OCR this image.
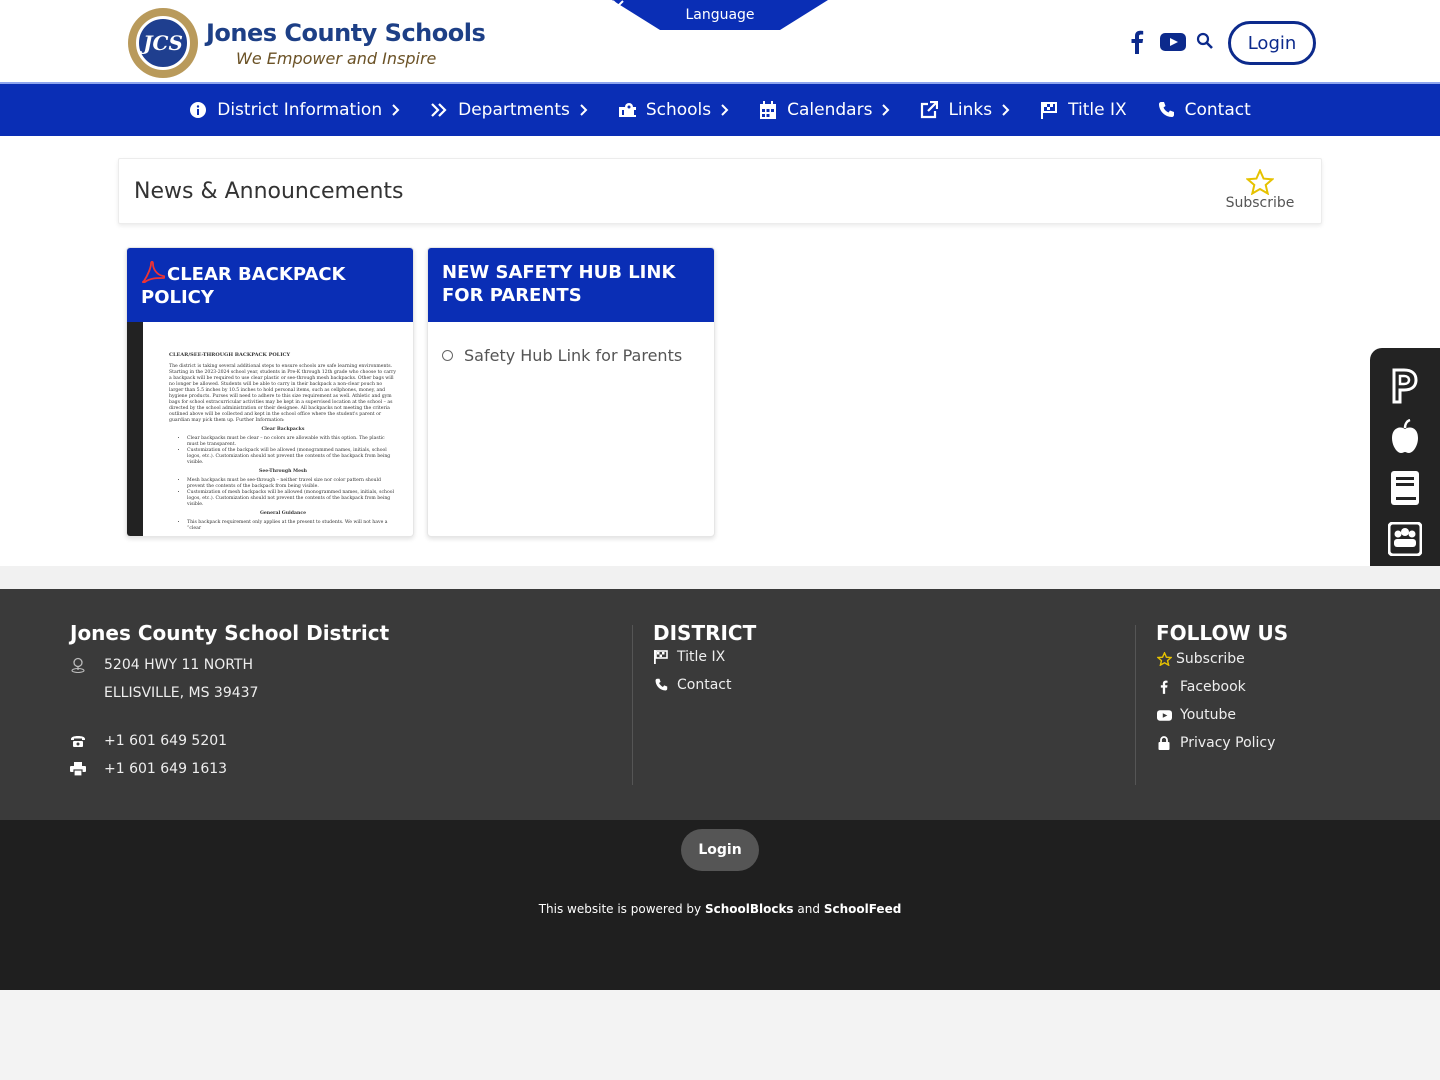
JCS Jones County Schools
We Empower and Inspire
Language
Login
District Information	Departments	Schools	Calendars	Links	Title IX	Contact
News & Announcements	Subscribe
CLEAR BACKPACK POLICY
CLEAR/SEE-THROUGH BACKPACK POLICY
The district is taking several additional steps to ensure schools are safe learning environments. Starting in the 2023-2024 school year, students in Pre-K through 12th grade who choose to carry a backpack will be required to use clear plastic or see-through mesh backpacks. Other bags will no longer be allowed. Students will be able to carry in their backpack a non-clear pouch no larger than 5.5 inches by 10.5 inches to hold personal items, such as cellphones, money, and hygiene products. Purses will need to adhere to this size requirement as well. Athletic and gym bags for school extracurricular activities may be kept in a supervised location at the school – as directed by the school administration or their designee. All backpacks not meeting the criteria outlined above will be collected and kept in the school office where the student's parent or guardian may pick them up. Further Information:
Clear Backpacks
• Clear backpacks must be clear – no colors are allowable with this option. The plastic must be transparent.
• Customization of the backpack will be allowed (monogrammed names, initials, school logos, etc.). Customization should not prevent the contents of the backpack from being visible.
See-Through Mesh
• Mesh backpacks must be see-through – neither travel size nor color pattern should prevent the contents of the backpack from being visible.
• Customization of mesh backpacks will be allowed (monogrammed names, initials, school logos, etc.). Customization should not prevent the contents of the backpack from being visible.
General Guidance
• This backpack requirement only applies at the present to students. We will not have a “clear
NEW SAFETY HUB LINK FOR PARENTS
Safety Hub Link for Parents
Jones County School District
5204 HWY 11 NORTH
ELLISVILLE, MS 39437
+1 601 649 5201
+1 601 649 1613
DISTRICT
Title IX
Contact
FOLLOW US
Subscribe
Facebook
Youtube
Privacy Policy
Login
This website is powered by SchoolBlocks and SchoolFeed
